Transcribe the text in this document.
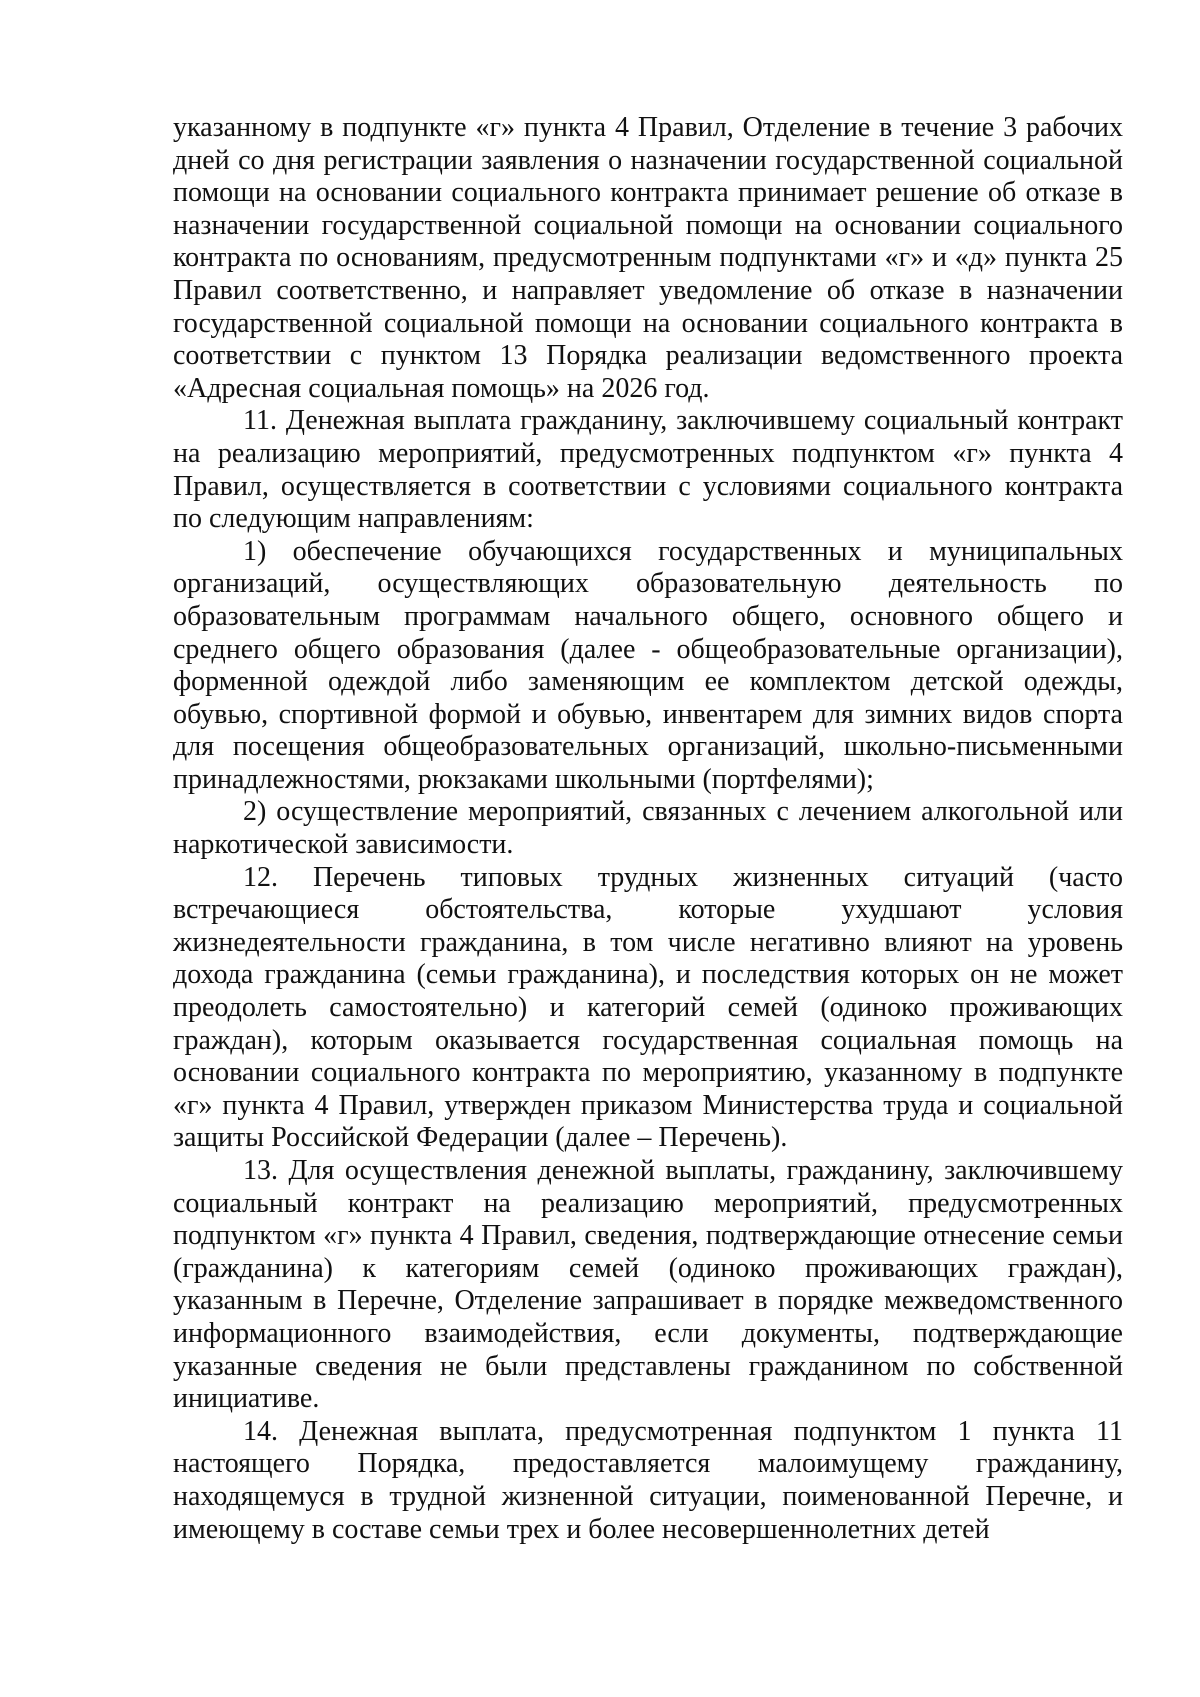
указанному в подпункте «г» пункта 4 Правил, Отделение в течение 3 рабочих дней со дня регистрации заявления о назначении государственной социальной помощи на основании социального контракта принимает решение об отказе в назначении государственной социальной помощи на основании социального контракта по основаниям, предусмотренным подпунктами «г» и «д» пункта 25 Правил соответственно, и направляет уведомление об отказе в назначении государственной социальной помощи на основании социального контракта в соответствии с пунктом 13 Порядка реализации ведомственного проекта «Адресная социальная помощь» на 2026 год.

11. Денежная выплата гражданину, заключившему социальный контракт на реализацию мероприятий, предусмотренных подпунктом «г» пункта 4 Правил, осуществляется в соответствии с условиями социального контракта по следующим направлениям:

1) обеспечение обучающихся государственных и муниципальных организаций, осуществляющих образовательную деятельность по образовательным программам начального общего, основного общего и среднего общего образования (далее - общеобразовательные организации), форменной одеждой либо заменяющим ее комплектом детской одежды, обувью, спортивной формой и обувью, инвентарем для зимних видов спорта для посещения общеобразовательных организаций, школьно-письменными принадлежностями, рюкзаками школьными (портфелями);

2) осуществление мероприятий, связанных с лечением алкогольной или наркотической зависимости.

12. Перечень типовых трудных жизненных ситуаций (часто встречающиеся обстоятельства, которые ухудшают условия жизнедеятельности гражданина, в том числе негативно влияют на уровень дохода гражданина (семьи гражданина), и последствия которых он не может преодолеть самостоятельно) и категорий семей (одиноко проживающих граждан), которым оказывается государственная социальная помощь на основании социального контракта по мероприятию, указанному в подпункте «г» пункта 4 Правил, утвержден приказом Министерства труда и социальной защиты Российской Федерации (далее – Перечень).

13. Для осуществления денежной выплаты, гражданину, заключившему социальный контракт на реализацию мероприятий, предусмотренных подпунктом «г» пункта 4 Правил, сведения, подтверждающие отнесение семьи (гражданина) к категориям семей (одиноко проживающих граждан), указанным в Перечне, Отделение запрашивает в порядке межведомственного информационного взаимодействия, если документы, подтверждающие указанные сведения не были представлены гражданином по собственной инициативе.

14. Денежная выплата, предусмотренная подпунктом 1 пункта 11 настоящего Порядка, предоставляется малоимущему гражданину, находящемуся в трудной жизненной ситуации, поименованной Перечне, и имеющему в составе семьи трех и более несовершеннолетних детей
